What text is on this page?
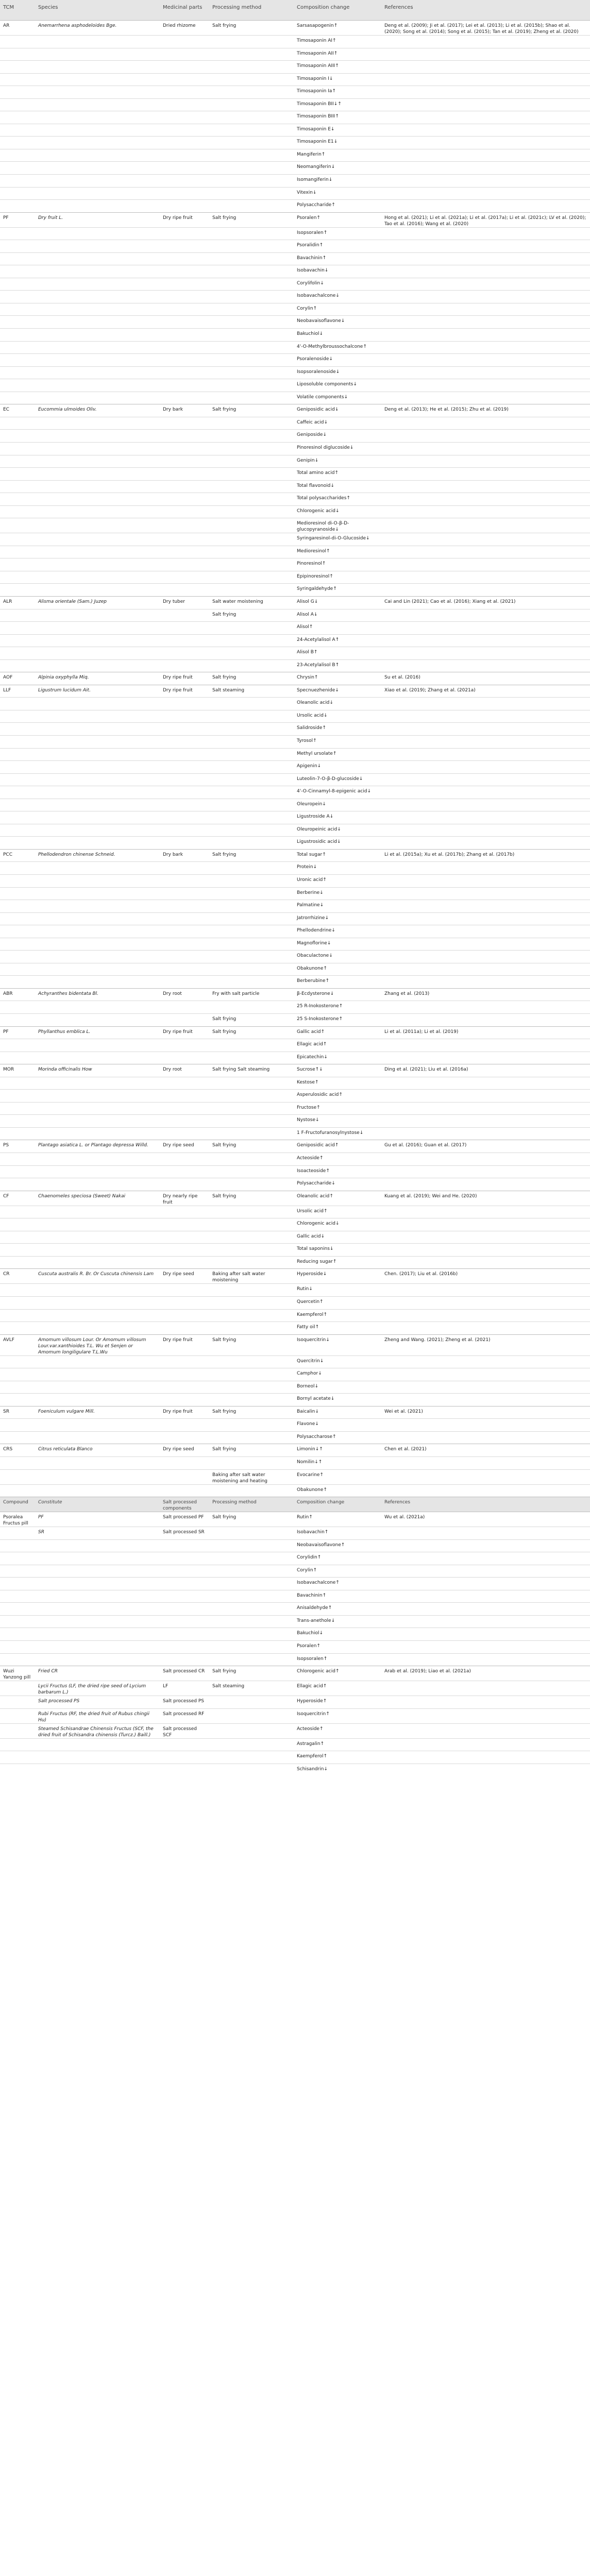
TCM	Species	Medicinal parts	Processing method	Composition change	References
AR	Anemarrhena asphodeloides Bge.	Dried rhizome	Salt frying	Sarsasapogenin↑	Deng et al. (2009); Ji et al. (2017); Lei et al. (2013); Li et al. (2015b); Shao et al. (2020); Song et al. (2014); Song et al. (2015); Tan et al. (2019); Zheng et al. (2020)
				Timosaponin AI↑	
				Timosaponin AII↑	
				Timosaponin AIII↑	
				Timosaponin I↓	
				Timosaponin Ia↑	
				Timosaponin BII↓↑	
				Timosaponin BIII↑	
				Timosaponin E↓	
				Timosaponin E1↓	
				Mangiferin↑	
				Neomangiferin↓	
				Isomangiferin↓	
				Vitexin↓	
				Polysaccharide↑	
PF	Dry fruit L.	Dry ripe fruit	Salt frying	Psoralen↑	Hong et al. (2021); Li et al. (2021a); Li et al. (2017a); Li et al. (2021c); LV et al. (2020); Tao et al. (2016); Wang et al. (2020)
				Isopsoralen↑	
				Psoralidin↑	
				Bavachinin↑	
				Isobavachin↓	
				Corylifolin↓	
				Isobavachalcone↓	
				Corylin↑	
				Neobavaisoflavone↓	
				Bakuchiol↓	
				4'-O-Methylbroussochalcone↑	
				Psoralenoside↓	
				Isopsoralenoside↓	
				Liposoluble components↓	
				Volatile components↓	
EC	Eucommia ulmoides Oliv.	Dry bark	Salt frying	Geniposidic acid↓	Deng et al. (2013); He et al. (2015); Zhu et al. (2019)
				Caffeic acid↓	
				Geniposide↓	
				Pinoresinol diglucoside↓	
				Genipin↓	
				Total amino acid↑	
				Total flavonoid↓	
				Total polysaccharides↑	
				Chlorogenic acid↓	
				Medioresinol di-O-β-D-glucopyranoside↓	
				Syringaresinol-di-O-Glucoside↓	
				Medioresinol↑	
				Pinoresinol↑	
				Epipinoresinol↑	
				Syringaldehyde↑	
ALR	Alisma orientale (Sam.) Juzep	Dry tuber	Salt water moistening	Alisol G↓	Cai and Lin (2021); Cao et al. (2016); Xiang et al. (2021)
			Salt frying	Alisol A↓	
				Alisol↑	
				24-Acetylalisol A↑	
				Alisol B↑	
				23-Acetylalisol B↑	
AOF	Alpinia oxyphylla Miq.	Dry ripe fruit	Salt frying	Chrysin↑	Su et al. (2016)
LLF	Ligustrum lucidum Ait.	Dry ripe fruit	Salt steaming	Specnuezhenide↓	Xiao et al. (2019); Zhang et al. (2021a)
				Oleanolic acid↓	
				Ursolic acid↓	
				Salidroside↑	
				Tyrosol↑	
				Methyl ursolate↑	
				Apigenin↓	
				Luteolin-7-O-β-D-glucoside↓	
				4'-O-Cinnamyl-8-epigenic acid↓	
				Oleuropein↓	
				Ligustroside A↓	
				Oleuropeinic acid↓	
				Ligustrosidic acid↓	
PCC	Phellodendron chinense Schneid.	Dry bark	Salt frying	Total sugar↑	Li et al. (2015a); Xu et al. (2017b); Zhang et al. (2017b)
				Protein↓	
				Uronic acid↑	
				Berberine↓	
				Palmatine↓	
				Jatrorrhizine↓	
				Phellodendrine↓	
				Magnoflorine↓	
				Obaculactone↓	
				Obakunone↑	
				Berberubine↑	
ABR	Achyranthes bidentata Bl.	Dry root	Fry with salt particle	β-Ecdysterone↓	Zhang et al. (2013)
				25 R-Inokosterone↑	
			Salt frying	25 S-Inokosterone↑	
PF	Phyllanthus emblica L.	Dry ripe fruit	Salt frying	Gallic acid↑	Li et al. (2011a); Li et al. (2019)
				Ellagic acid↑	
				Epicatechin↓	
MOR	Morinda officinalis How	Dry root	Salt frying Salt steaming	Sucrose↑↓	Ding et al. (2021); Liu et al. (2016a)
				Kestose↑	
				Asperulosidic acid↑	
				Fructose↑	
				Nystose↓	
				1 F-Fructofuranosylnystose↓	
PS	Plantago asiatica L. or Plantago depressa Willd.	Dry ripe seed	Salt frying	Geniposidic acid↑	Gu et al. (2016); Guan et al. (2017)
				Acteoside↑	
				Isoacteoside↑	
				Polysaccharide↓	
CF	Chaenomeles speciosa (Sweet) Nakai	Dry nearly ripe fruit	Salt frying	Oleanolic acid↑	Kuang et al. (2019); Wei and He. (2020)
				Ursolic acid↑	
				Chlorogenic acid↓	
				Gallic acid↓	
				Total saponins↓	
				Reducing sugar↑	
CR	Cuscuta australis R. Br. Or Cuscuta chinensis Lam	Dry ripe seed	Baking after salt water moistening	Hyperoside↓	Chen. (2017); Liu et al. (2016b)
				Rutin↓	
				Quercetin↑	
				Kaempferol↑	
				Fatty oil↑	
AVLF	Amomum villosum Lour. Or Amomum villosum Lour.var.xanthioides T.L. Wu et Senjen or Amomum longiligulare T.L.Wu	Dry ripe fruit	Salt frying	Isoquercitrin↓	Zheng and Wang. (2021); Zheng et al. (2021)
				Quercitrin↓	
				Camphor↓	
				Borneol↓	
				Bornyl acetate↓	
SR	Foeniculum vulgare Mill.	Dry ripe fruit	Salt frying	Baicalin↓	Wei et al. (2021)
				Flavone↓	
				Polysaccharose↑	
CRS	Citrus reticulata Blanco	Dry ripe seed	Salt frying	Limonin↓↑	Chen et al. (2021)
				Nomilin↓↑	
			Baking after salt water moistening and heating	Evocarine↑	
				Obakunone↑	
Compound	Constitute	Salt processed components	Processing method	Composition change	References
Psoralea Fructus pill	PF	Salt processed PF	Salt frying	Rutin↑	Wu et al. (2021a)
	SR	Salt processed SR		Isobavachin↑	
				Neobavaisoflavone↑	
				Corylidin↑	
				Corylin↑	
				Isobavachalcone↑	
				Bavachinin↑	
				Anisaldehyde↑	
				Trans-anethole↓	
				Bakuchiol↓	
				Psoralen↑	
				Isopsoralen↑	
Wuzi Yanzong pill	Fried CR	Salt processed CR	Salt frying	Chlorogenic acid↑	Arab et al. (2019); Liao et al. (2021a)
	Lycii Fructus (LF, the dried ripe seed of Lycium barbarum L.)	LF	Salt steaming	Ellagic acid↑	
	Salt processed PS	Salt processed PS		Hyperoside↑	
	Rubi Fructus (RF, the dried fruit of Rubus chingii Hu)	Salt processed RF		Isoquercitrin↑	
	Steamed Schisandrae Chinensis Fructus (SCF, the dried fruit of Schisandra chinensis (Turcz.) Baill.)	Salt processed SCF		Acteoside↑	
				Astragalin↑	
				Kaempferol↑	
				Schisandrin↓	
